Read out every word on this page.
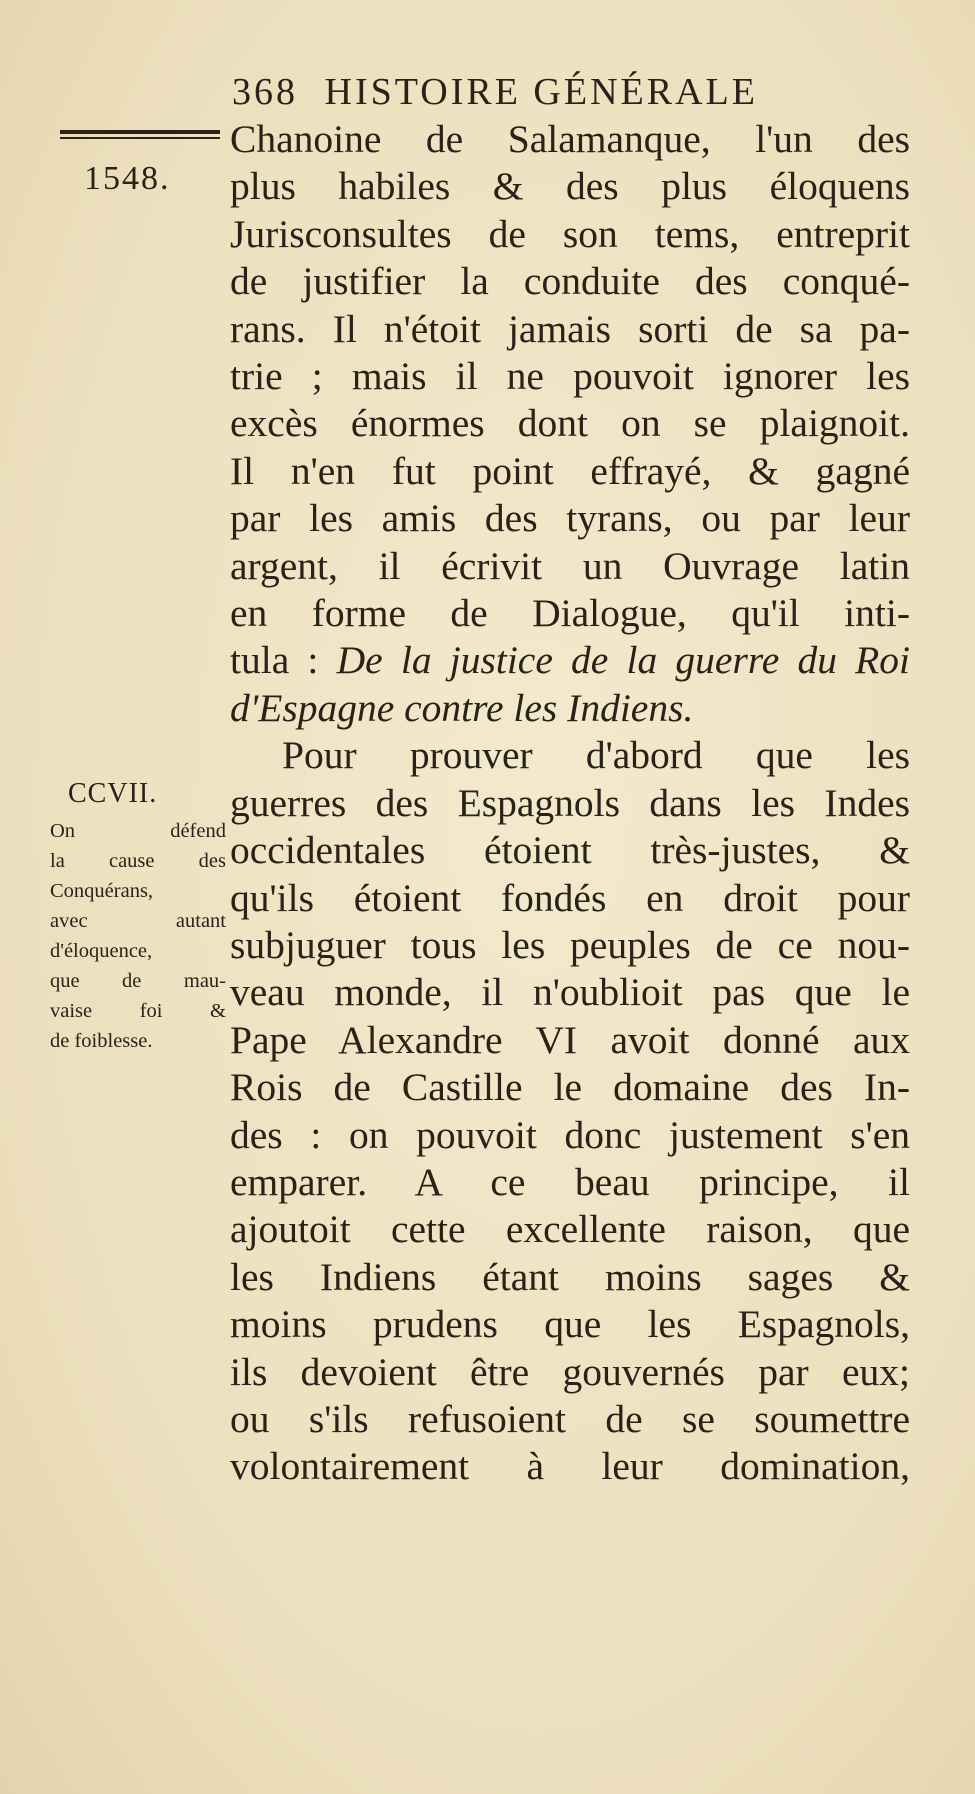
368 HISTOIRE GÉNÉRALE
1548.
CCVII.
On défend
la cause des
Conquérans,
avec autant
d'éloquence,
que de mau-
vaise foi &
de foiblesse.
Chanoine de Salamanque, l'un des
plus habiles & des plus éloquens
Jurisconsultes de son tems, entreprit
de justifier la conduite des conqué-
rans. Il n'étoit jamais sorti de sa pa-
trie ; mais il ne pouvoit ignorer les
excès énormes dont on se plaignoit.
Il n'en fut point effrayé, & gagné
par les amis des tyrans, ou par leur
argent, il écrivit un Ouvrage latin
en forme de Dialogue, qu'il inti-
tula : De la justice de la guerre du Roi
d'Espagne contre les Indiens.
Pour prouver d'abord que les
guerres des Espagnols dans les Indes
occidentales étoient très-justes, &
qu'ils étoient fondés en droit pour
subjuguer tous les peuples de ce nou-
veau monde, il n'oublioit pas que le
Pape Alexandre VI avoit donné aux
Rois de Castille le domaine des In-
des : on pouvoit donc justement s'en
emparer. A ce beau principe, il
ajoutoit cette excellente raison, que
les Indiens étant moins sages &
moins prudens que les Espagnols,
ils devoient être gouvernés par eux;
ou s'ils refusoient de se soumettre
volontairement à leur domination,
